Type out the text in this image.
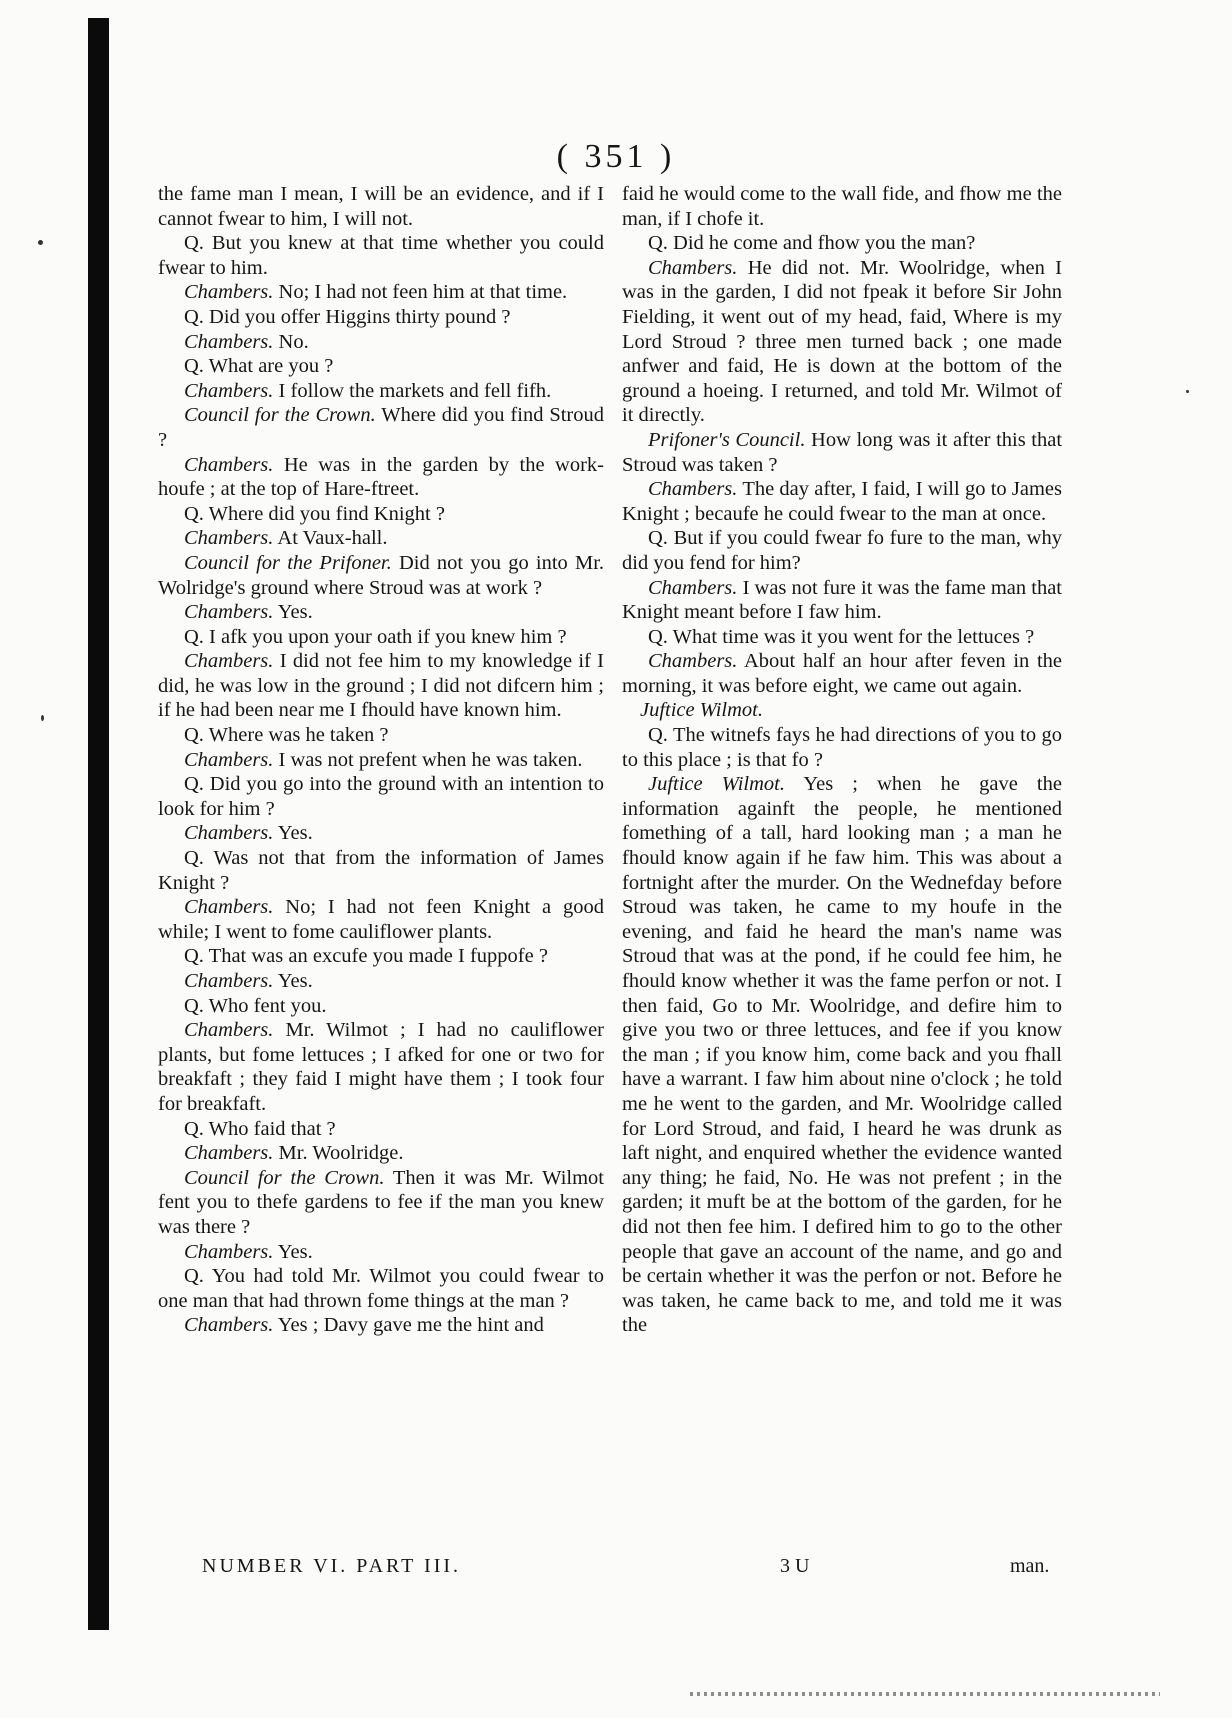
( 351 )

the fame man I mean, I will be an evidence, and if I cannot fwear to him, I will not.

Q. But you knew at that time whether you could fwear to him.

Chambers. No; I had not feen him at that time.

Q. Did you offer Higgins thirty pound ?

Chambers. No.

Q. What are you ?

Chambers. I follow the markets and fell fifh.

Council for the Crown. Where did you find Stroud ?

Chambers. He was in the garden by the work-houfe ; at the top of Hare-ftreet.

Q. Where did you find Knight ?

Chambers. At Vaux-hall.

Council for the Prifoner. Did not you go into Mr. Wolridge's ground where Stroud was at work ?

Chambers. Yes.

Q. I afk you upon your oath if you knew him ?

Chambers. I did not fee him to my knowledge if I did, he was low in the ground ; I did not difcern him ; if he had been near me I fhould have known him.

Q. Where was he taken ?

Chambers. I was not prefent when he was taken.

Q. Did you go into the ground with an intention to look for him ?

Chambers. Yes.

Q. Was not that from the information of James Knight ?

Chambers. No; I had not feen Knight a good while; I went to fome cauliflower plants.

Q. That was an excufe you made I fuppofe ?

Chambers. Yes.

Q. Who fent you.

Chambers. Mr. Wilmot ; I had no cauliflower plants, but fome lettuces ; I afked for one or two for breakfaft ; they faid I might have them ; I took four for breakfaft.

Q. Who faid that ?

Chambers. Mr. Woolridge.

Council for the Crown. Then it was Mr. Wilmot fent you to thefe gardens to fee if the man you knew was there ?

Chambers. Yes.

Q. You had told Mr. Wilmot you could fwear to one man that had thrown fome things at the man ?

Chambers. Yes ; Davy gave me the hint and

faid he would come to the wall fide, and fhow me the man, if I chofe it.

Q. Did he come and fhow you the man?

Chambers. He did not. Mr. Woolridge, when I was in the garden, I did not fpeak it before Sir John Fielding, it went out of my head, faid, Where is my Lord Stroud ? three men turned back ; one made anfwer and faid, He is down at the bottom of the ground a hoeing. I returned, and told Mr. Wilmot of it directly.

Prifoner's Council. How long was it after this that Stroud was taken ?

Chambers. The day after, I faid, I will go to James Knight ; becaufe he could fwear to the man at once.

Q. But if you could fwear fo fure to the man, why did you fend for him?

Chambers. I was not fure it was the fame man that Knight meant before I faw him.

Q. What time was it you went for the lettuces ?

Chambers. About half an hour after feven in the morning, it was before eight, we came out again.

Juftice Wilmot.

Q. The witnefs fays he had directions of you to go to this place ; is that fo ?

Juftice Wilmot. Yes ; when he gave the information againft the people, he mentioned fomething of a tall, hard looking man ; a man he fhould know again if he faw him. This was about a fortnight after the murder. On the Wednefday before Stroud was taken, he came to my houfe in the evening, and faid he heard the man's name was Stroud that was at the pond, if he could fee him, he fhould know whether it was the fame perfon or not. I then faid, Go to Mr. Woolridge, and defire him to give you two or three lettuces, and fee if you know the man ; if you know him, come back and you fhall have a warrant. I faw him about nine o'clock ; he told me he went to the garden, and Mr. Woolridge called for Lord Stroud, and faid, I heard he was drunk as laft night, and enquired whether the evidence wanted any thing; he faid, No. He was not prefent ; in the garden; it muft be at the bottom of the garden, for he did not then fee him. I defired him to go to the other people that gave an account of the name, and go and be certain whether it was the perfon or not. Before he was taken, he came back to me, and told me it was the

NUMBER VI. PART III.	3 U	man.
